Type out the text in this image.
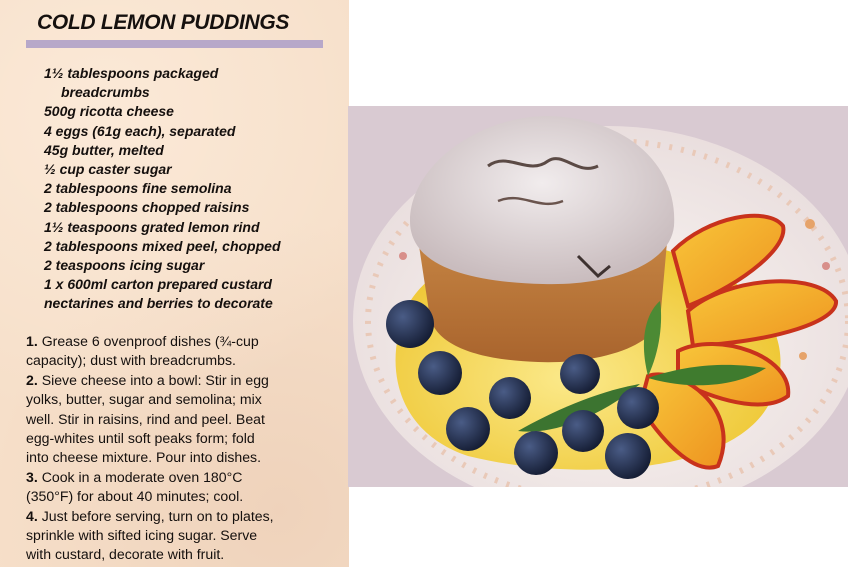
COLD LEMON PUDDINGS
1½ tablespoons packaged
breadcrumbs
500g ricotta cheese
4 eggs (61g each), separated
45g butter, melted
½ cup caster sugar
2 tablespoons fine semolina
2 tablespoons chopped raisins
1½ teaspoons grated lemon rind
2 tablespoons mixed peel, chopped
2 teaspoons icing sugar
1 x 600ml carton prepared custard
nectarines and berries to decorate

1. Grease 6 ovenproof dishes (¾-cup

capacity); dust with breadcrumbs.

2. Sieve cheese into a bowl: Stir in egg

yolks, butter, sugar and semolina; mix

well. Stir in raisins, rind and peel. Beat

egg-whites until soft peaks form; fold

into cheese mixture. Pour into dishes.

3. Cook in a moderate oven 180°C

(350°F) for about 40 minutes; cool.

4. Just before serving, turn on to plates,

sprinkle with sifted icing sugar. Serve

with custard, decorate with fruit.
